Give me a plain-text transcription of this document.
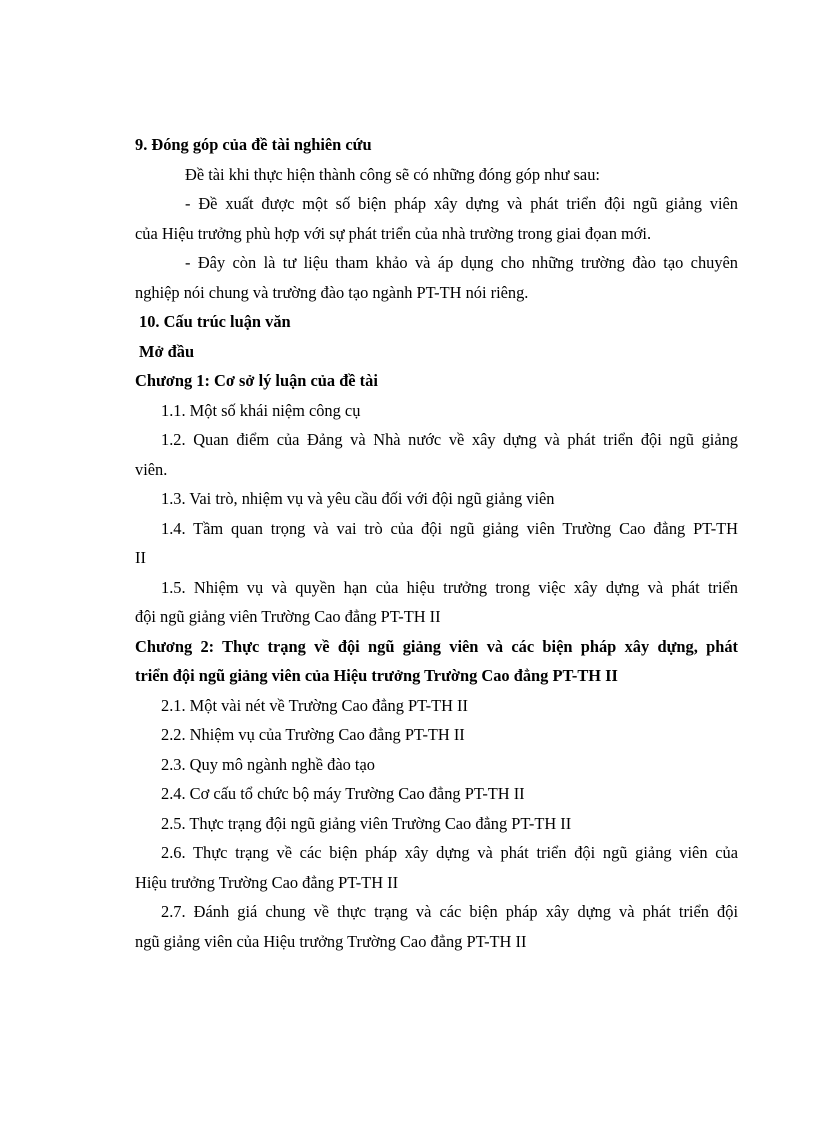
9. Đóng góp của đề tài nghiên cứu
Đề tài khi thực hiện thành công sẽ có những đóng góp như sau:
- Đề xuất được một số biện pháp xây dựng và phát triển đội ngũ giảng viên
của Hiệu trưởng phù hợp với sự phát triển của nhà trường trong giai đọan mới.
- Đây còn là tư liệu tham khảo và áp dụng cho những trường đào tạo chuyên
nghiệp nói chung và trường đào tạo ngành PT-TH nói riêng.
10. Cấu trúc luận văn
Mở đầu
Chương 1: Cơ sở lý luận của đề tài
1.1. Một số khái niệm công cụ
1.2. Quan điểm của Đảng và Nhà nước về xây dựng và phát triển đội ngũ giảng
viên.
1.3. Vai trò, nhiệm vụ và yêu cầu đối với đội ngũ giảng viên
1.4. Tầm quan trọng và vai trò của đội ngũ giảng viên Trường Cao đẳng PT-TH
II
1.5. Nhiệm vụ và quyền hạn của hiệu trưởng trong việc xây dựng và phát triển
đội ngũ giảng viên Trường Cao đẳng PT-TH II
Chương 2: Thực trạng về đội ngũ giảng viên và các biện pháp xây dựng, phát
triển đội ngũ giảng viên của Hiệu trưởng Trường Cao đẳng PT-TH II
2.1. Một vài nét về Trường Cao đẳng PT-TH II
2.2. Nhiệm vụ của Trường Cao đẳng PT-TH II
2.3. Quy mô ngành nghề đào tạo
2.4. Cơ cấu tổ chức bộ máy Trường Cao đẳng PT-TH II
2.5. Thực trạng đội ngũ giảng viên Trường Cao đẳng PT-TH II
2.6. Thực trạng về các biện pháp xây dựng và phát triển đội ngũ giảng viên của
Hiệu trưởng Trường Cao đẳng PT-TH II
2.7. Đánh giá chung về thực trạng và các biện pháp xây dựng và phát triển đội
ngũ giảng viên của Hiệu trưởng Trường Cao đẳng PT-TH II
